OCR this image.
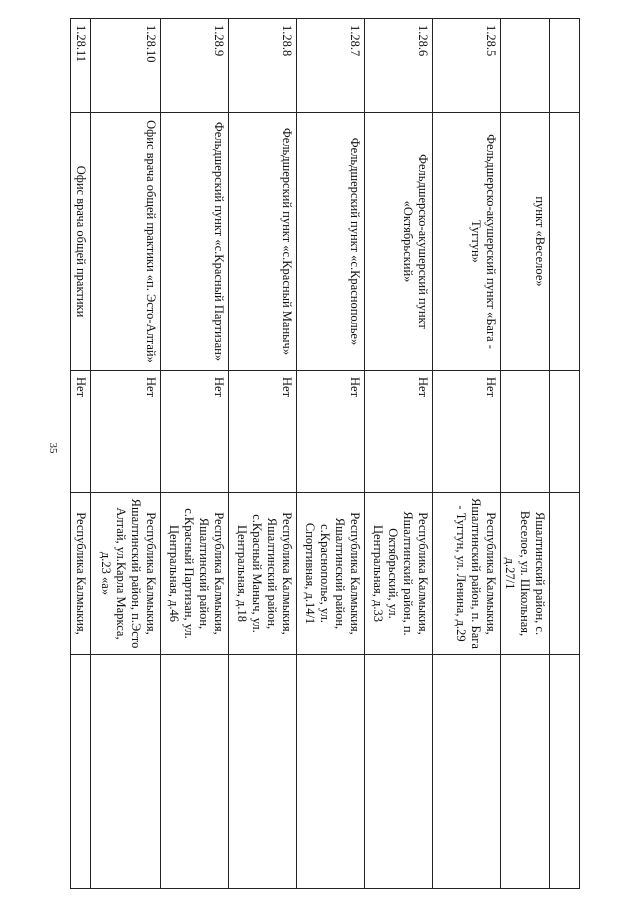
35

	пункт «Веселое»		Яшалтинский район, с. Веселое, ул. Школьная, д.27/1	
1.28.5	Фельдшерско-акушерский пункт «Бага - Тугтун»	Нет	Республика Калмыкия, Яшалтинский район, п. Бага - Тугтун, ул. Ленина, д.29	
1.28.6	Фельдшерско-акушерский пункт «Октябрьский»	Нет	Республика Калмыкия, Яшалтинский район, п. Октябрьский, ул. Центральная, д.33	
1.28.7	Фельдшерский пункт «с.Краснополье»	Нет	Республика Калмыкия, Яшалтинский район, с.Краснополье, ул. Спортивная, д.14/1	
1.28.8	Фельдшерский пункт «с.Красный Маныч»	Нет	Республика Калмыкия, Яшалтинский район, с.Красный Маныч, ул. Центральная, д.18	
1.28.9	Фельдшерский пункт «с.Красный Партизан»	Нет	Республика Калмыкия, Яшалтинский район, с.Красный Партизан, ул. Центральная, д.46	
1.28.10	Офис врача общей практики «п. Эсто-Алтай»	Нет	Республика Калмыкия, Яшалтинский район, п.Эсто Алтай, ул.Карла Маркса, д.23 «а»	
1.28.11	Офис врача общей практики	Нет	Республика Калмыкия,	
